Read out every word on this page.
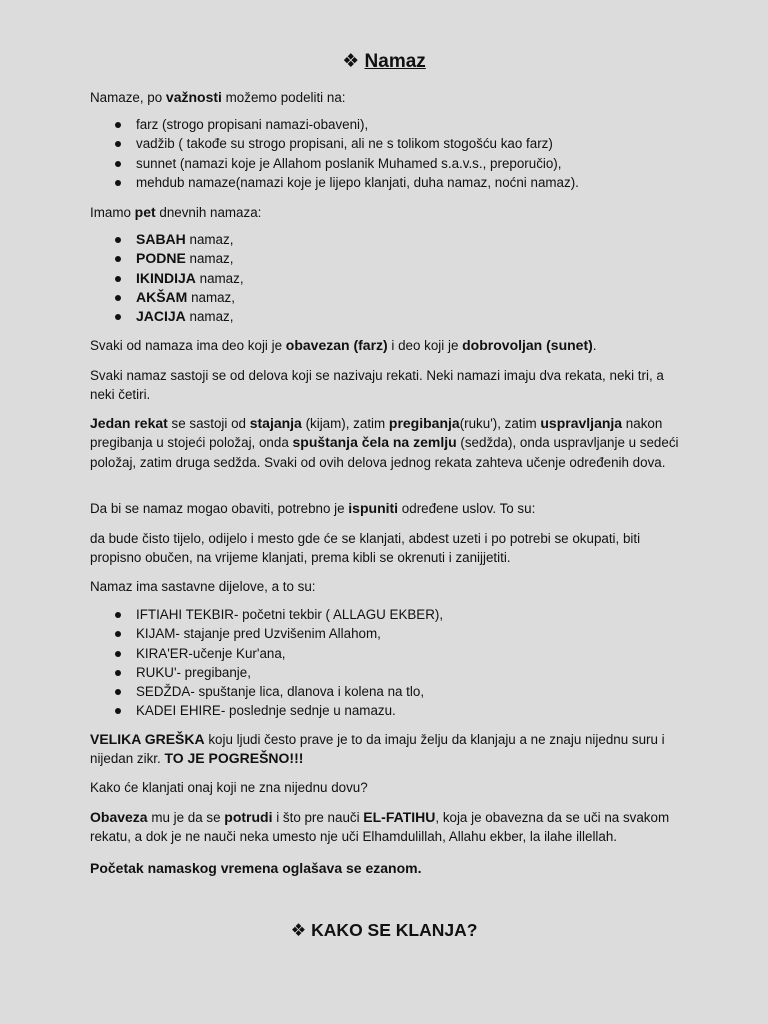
❖ Namaz
Namaze, po važnosti možemo podeliti na:
farz (strogo propisani namazi-obaveni),
vadžib ( takođe su strogo propisani, ali ne s tolikom stogošću kao farz)
sunnet (namazi koje je Allahom poslanik Muhamed s.a.v.s., preporučio),
mehdub namaze(namazi koje je lijepo klanjati, duha namaz, noćni namaz).
Imamo pet dnevnih namaza:
SABAH namaz,
PODNE namaz,
IKINDIJA namaz,
AKŠAM namaz,
JACIJA namaz,
Svaki od namaza ima deo koji je obavezan (farz) i deo koji je dobrovoljan (sunet).
Svaki namaz sastoji se od delova koji se nazivaju rekati. Neki namazi imaju dva rekata, neki tri, a neki četiri.
Jedan rekat se sastoji od stajanja (kijam), zatim pregibanja(ruku'), zatim uspravljanja nakon pregibanja u stojeći položaj, onda spuštanja čela na zemlju (sedžda), onda uspravljanje u sedeći položaj, zatim druga sedžda. Svaki od ovih delova jednog rekata zahteva učenje određenih dova.
Da bi se namaz mogao obaviti, potrebno je ispuniti određene uslov. To su:
da bude čisto tijelo, odijelo i mesto gde će se klanjati, abdest uzeti i po potrebi se okupati, biti propisno obučen, na vrijeme klanjati, prema kibli se okrenuti i zanijjetiti.
Namaz ima sastavne dijelove, a to su:
IFTIAHI TEKBIR- početni tekbir ( ALLAGU EKBER),
KIJAM- stajanje pred Uzvišenim Allahom,
KIRA'ER-učenje Kur'ana,
RUKU'- pregibanje,
SEDŽDA- spuštanje lica, dlanova i kolena na tlo,
KADEI EHIRE- poslednje sednje u namazu.
VELIKA GREŠKA koju ljudi često prave je to da imaju želju da klanjaju a ne znaju nijednu suru i nijedan zikr. TO JE POGREŠNO!!!
Kako će klanjati onaj koji ne zna nijednu dovu?
Obaveza mu je da se potrudi i što pre nauči EL-FATIHU, koja je obavezna da se uči na svakom rekatu, a dok je ne nauči neka umesto nje uči Elhamdulillah, Allahu ekber, la ilahe illellah.
Početak namaskog vremena oglašava se ezanom.
❖ KAKO SE KLANJA?
